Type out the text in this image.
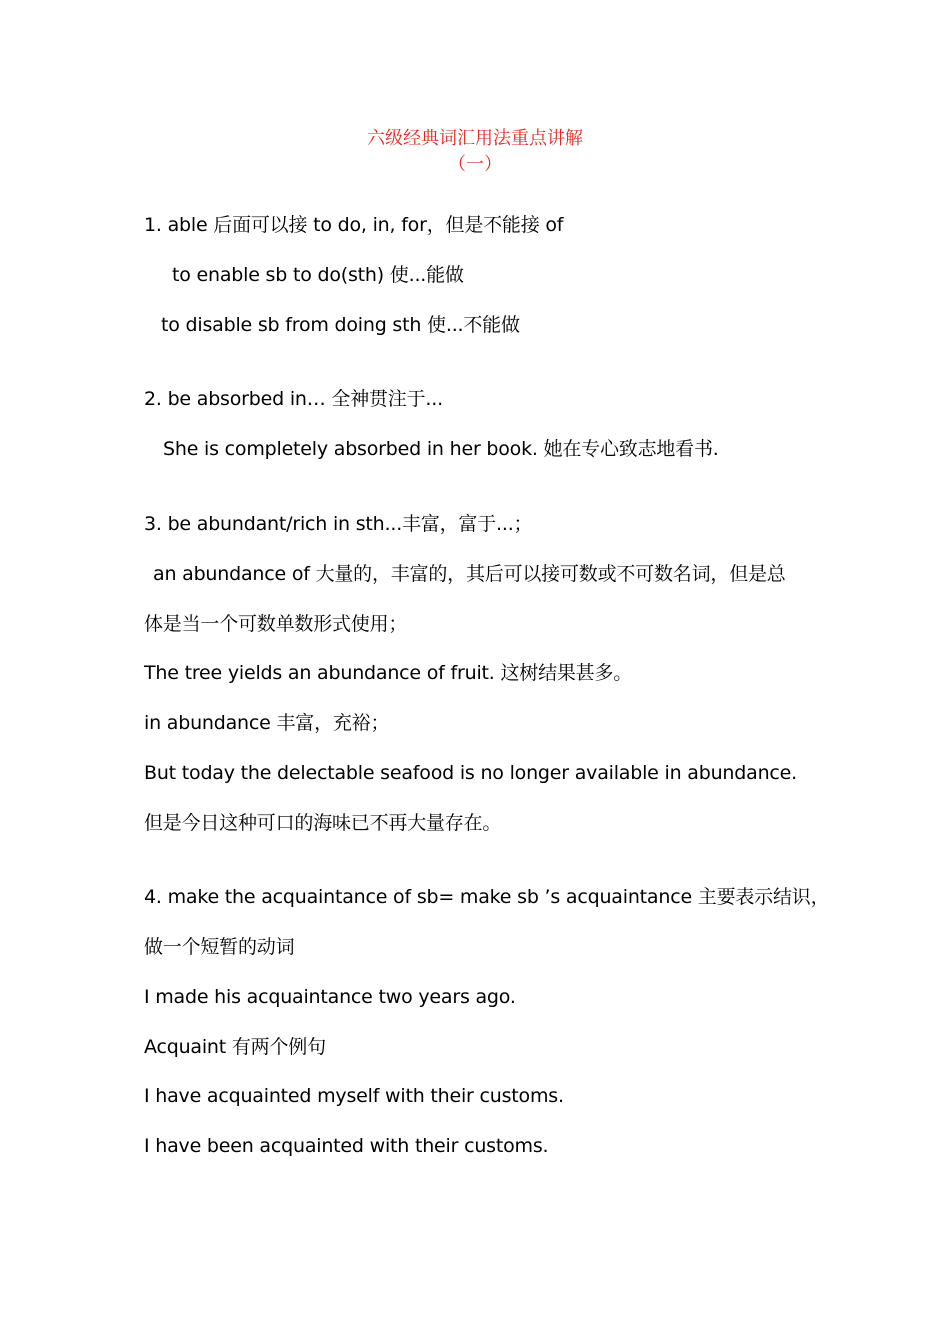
六级经典词汇用法重点讲解
（一）
1. able 后面可以接 to do, in, for，但是不能接 of
to enable sb to do(sth) 使...能做
to disable sb from doing sth 使...不能做
2. be absorbed in… 全神贯注于...
She is completely absorbed in her book. 她在专心致志地看书.
3. be abundant/rich in sth...丰富，富于...；
an abundance of 大量的，丰富的，其后可以接可数或不可数名词，但是总
体是当一个可数单数形式使用；
The tree yields an abundance of fruit. 这树结果甚多。
in abundance 丰富，充裕；
But today the delectable seafood is no longer available in abundance.
但是今日这种可口的海味已不再大量存在。
4. make the acquaintance of sb= make sb ’s acquaintance 主要表示结识，
做一个短暂的动词
I made his acquaintance two years ago.
Acquaint 有两个例句
I have acquainted myself with their customs.
I have been acquainted with their customs.
